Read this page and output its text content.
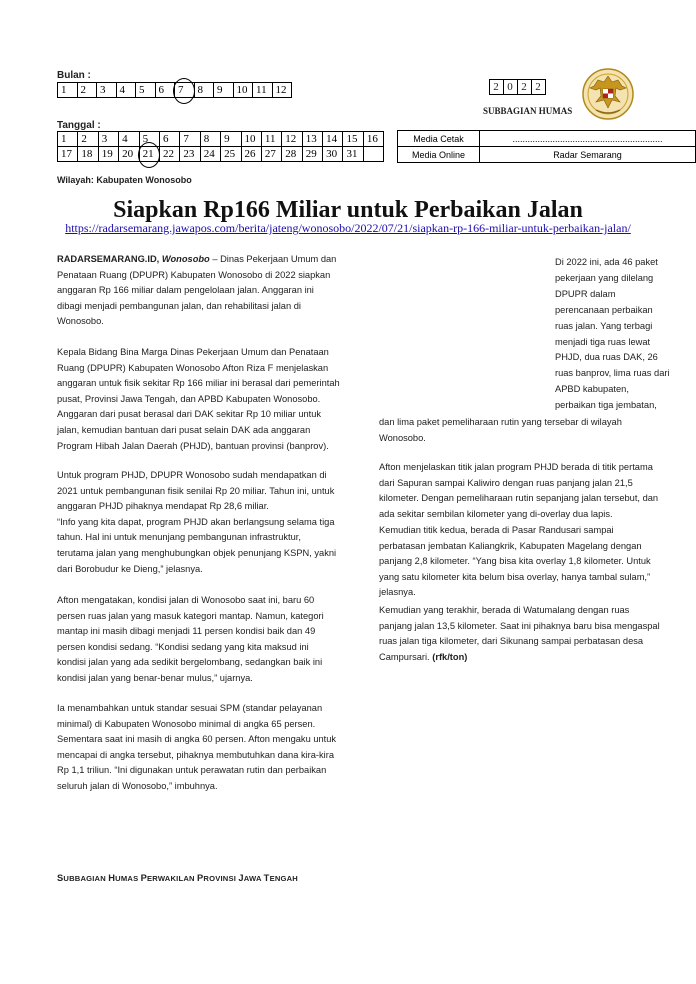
Bulan :
1	2	3	4	5	6	7	8	9	10	11	12
Tanggal :
1	2	3	4	5	6	7	8	9	10	11	12	13	14	15	16
17	18	19	20	21	22	23	24	25	26	27	28	29	30	31	
2	0	2	2
SUBBAGIAN HUMAS
Media Cetak	............................................................
Media Online	Radar Semarang
Wilayah: Kabupaten Wonosobo
Siapkan Rp166 Miliar untuk Perbaikan Jalan
https://radarsemarang.jawapos.com/berita/jateng/wonosobo/2022/07/21/siapkan-rp-166-miliar-untuk-perbaikan-jalan/
RADARSEMARANG.ID, Wonosobo – Dinas Pekerjaan Umum dan
Penataan Ruang (DPUPR) Kabupaten Wonosobo di 2022 siapkan
anggaran Rp 166 miliar dalam pengelolaan jalan. Anggaran ini
dibagi menjadi pembangunan jalan, dan rehabilitasi jalan di
Wonosobo.
Kepala Bidang Bina Marga Dinas Pekerjaan Umum dan Penataan
Ruang (DPUPR) Kabupaten Wonosobo Afton Riza F menjelaskan
anggaran untuk fisik sekitar Rp 166 miliar ini berasal dari pemerintah
pusat, Provinsi Jawa Tengah, dan APBD Kabupaten Wonosobo.
Anggaran dari pusat berasal dari DAK sekitar Rp 10 miliar untuk
jalan, kemudian bantuan dari pusat selain DAK ada anggaran
Program Hibah Jalan Daerah (PHJD), bantuan provinsi (banprov).
Untuk program PHJD, DPUPR Wonosobo sudah mendapatkan di
2021 untuk pembangunan fisik senilai Rp 20 miliar. Tahun ini, untuk
anggaran PHJD pihaknya mendapat Rp 28,6 miliar.
“Info yang kita dapat, program PHJD akan berlangsung selama tiga
tahun. Hal ini untuk menunjang pembangunan infrastruktur,
terutama jalan yang menghubungkan objek penunjang KSPN, yakni
dari Borobudur ke Dieng,” jelasnya.
Afton mengatakan, kondisi jalan di Wonosobo saat ini, baru 60
persen ruas jalan yang masuk kategori mantap. Namun, kategori
mantap ini masih dibagi menjadi 11 persen kondisi baik dan 49
persen kondisi sedang. “Kondisi sedang yang kita maksud ini
kondisi jalan yang ada sedikit bergelombang, sedangkan baik ini
kondisi jalan yang benar-benar mulus,” ujarnya.
Ia menambahkan untuk standar sesuai SPM (standar pelayanan
minimal) di Kabupaten Wonosobo minimal di angka 65 persen.
Sementara saat ini masih di angka 60 persen. Afton mengaku untuk
mencapai di angka tersebut, pihaknya membutuhkan dana kira-kira
Rp 1,1 triliun. “Ini digunakan untuk perawatan rutin dan perbaikan
seluruh jalan di Wonosobo,” imbuhnya.
Di 2022 ini, ada 46 paket
pekerjaan yang dilelang
DPUPR dalam
perencanaan perbaikan
ruas jalan. Yang terbagi
menjadi tiga ruas lewat
PHJD, dua ruas DAK, 26
ruas banprov, lima ruas dari
APBD kabupaten,
perbaikan tiga jembatan,
dan lima paket pemeliharaan rutin yang tersebar di wilayah
Wonosobo.
Afton menjelaskan titik jalan program PHJD berada di titik pertama
dari Sapuran sampai Kaliwiro dengan ruas panjang jalan 21,5
kilometer. Dengan pemeliharaan rutin sepanjang jalan tersebut, dan
ada sekitar sembilan kilometer yang di-overlay dua lapis.
Kemudian titik kedua, berada di Pasar Randusari sampai
perbatasan jembatan Kaliangkrik, Kabupaten Magelang dengan
panjang 2,8 kilometer. “Yang bisa kita overlay 1,8 kilometer. Untuk
yang satu kilometer kita belum bisa overlay, hanya tambal sulam,”
jelasnya.
Kemudian yang terakhir, berada di Watumalang dengan ruas
panjang jalan 13,5 kilometer. Saat ini pihaknya baru bisa mengaspal
ruas jalan tiga kilometer, dari Sikunang sampai perbatasan desa
Campursari. (rfk/ton)
SUBBAGIAN HUMAS PERWAKILAN PROVINSI JAWA TENGAH
